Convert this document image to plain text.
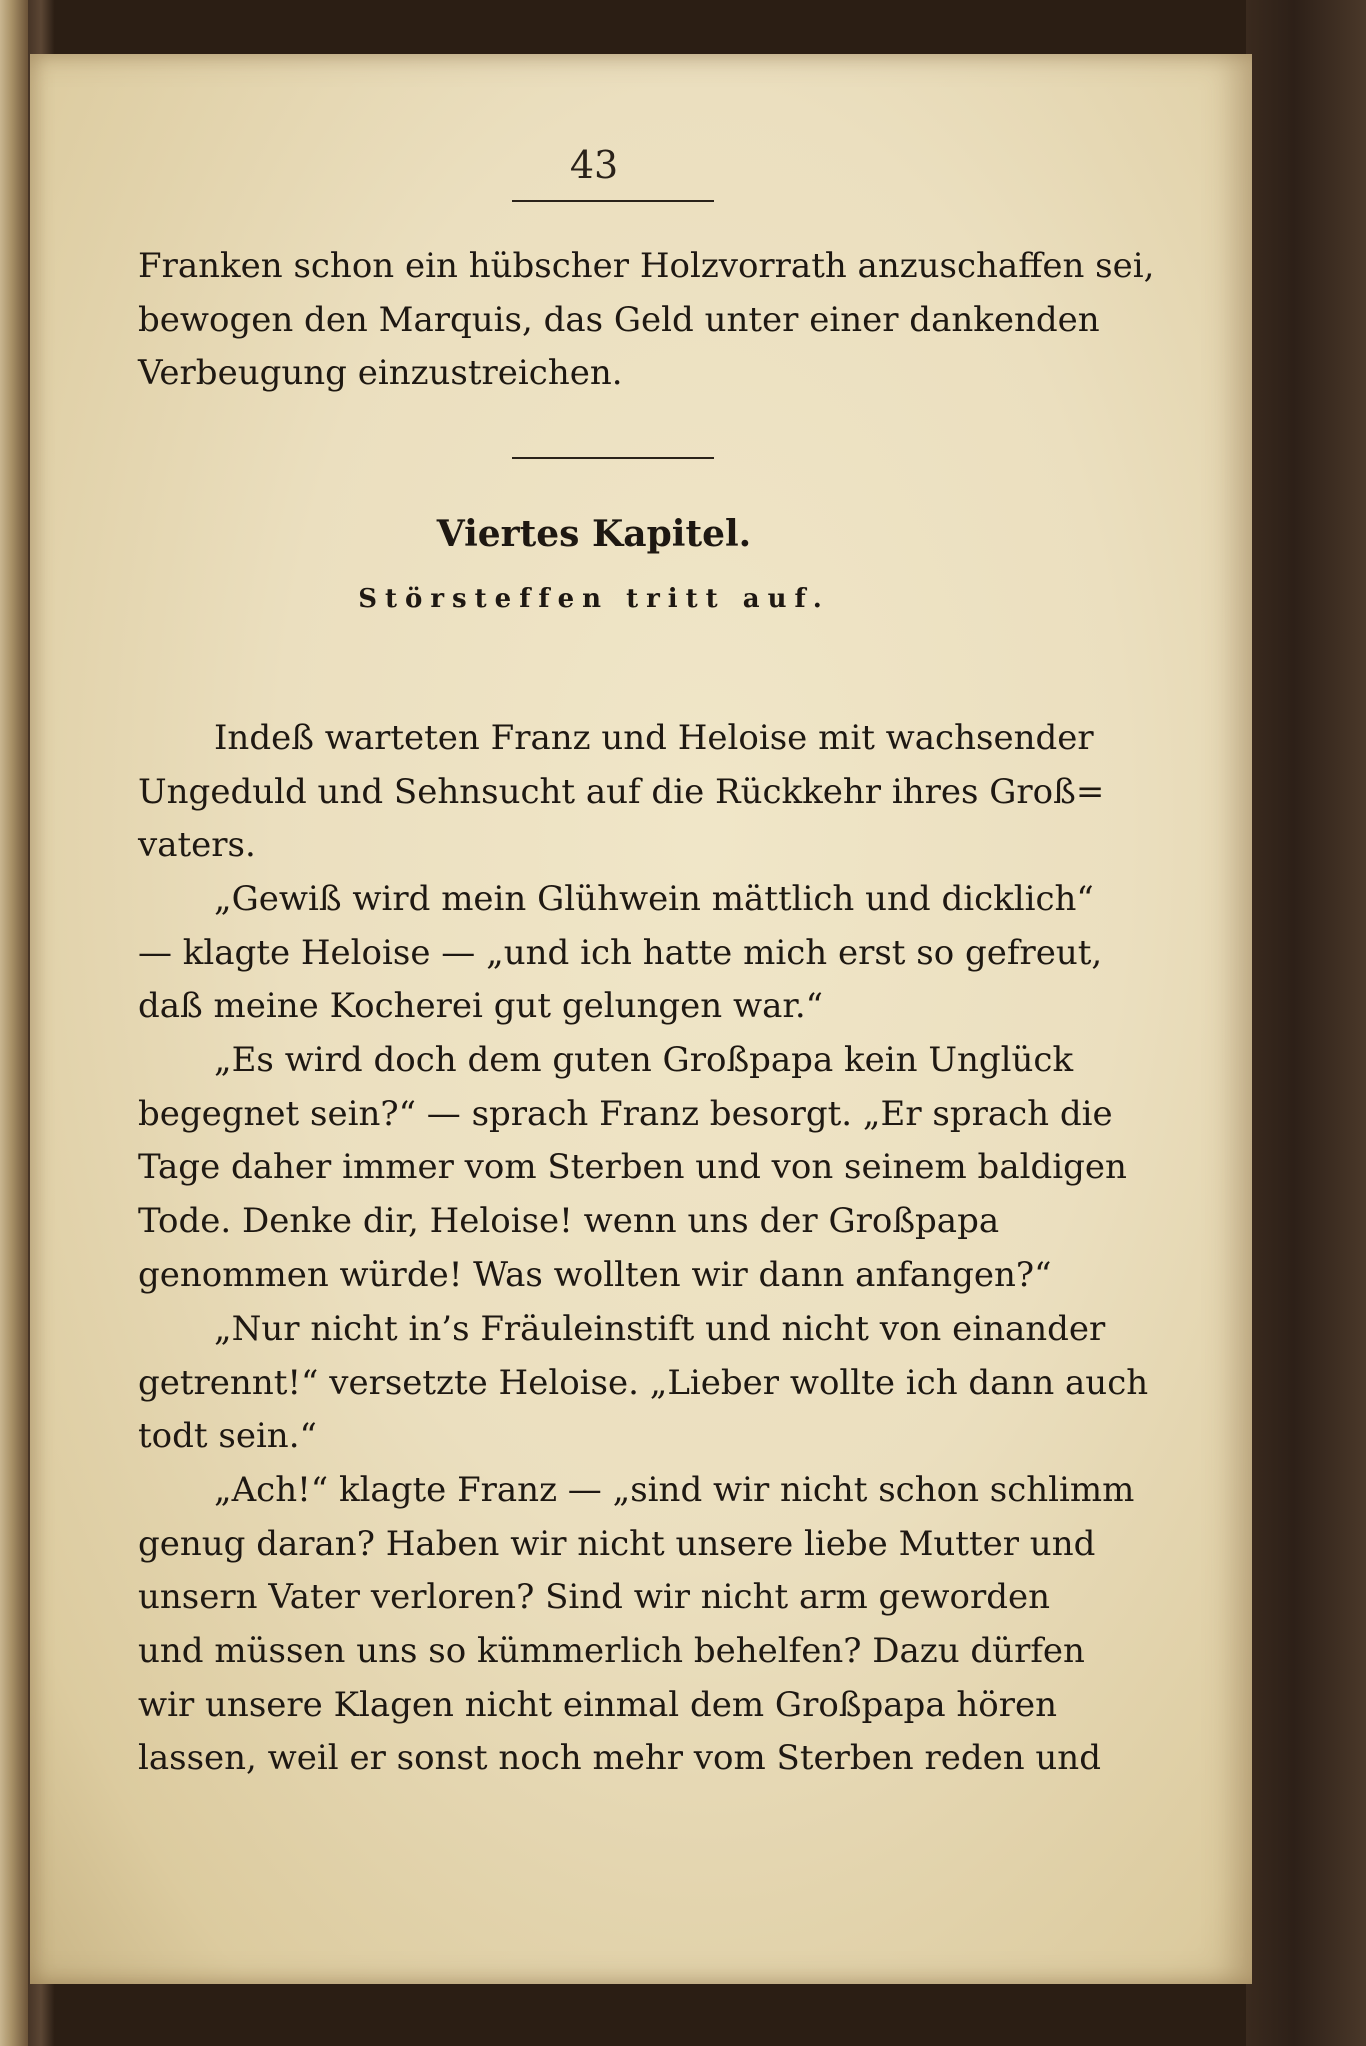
43
Franken schon ein hübscher Holzvorrath anzuschaffen sei,
bewogen den Marquis, das Geld unter einer dankenden
Verbeugung einzustreichen.
Viertes Kapitel.
Störsteffen tritt auf.
Indeß warteten Franz und Heloise mit wachsender
Ungeduld und Sehnsucht auf die Rückkehr ihres Groß=
vaters.
„Gewiß wird mein Glühwein mättlich und dicklich“
— klagte Heloise — „und ich hatte mich erst so gefreut,
daß meine Kocherei gut gelungen war.“
„Es wird doch dem guten Großpapa kein Unglück
begegnet sein?“ — sprach Franz besorgt. „Er sprach die
Tage daher immer vom Sterben und von seinem baldigen
Tode. Denke dir, Heloise! wenn uns der Großpapa
genommen würde! Was wollten wir dann anfangen?“
„Nur nicht in’s Fräuleinstift und nicht von einander
getrennt!“ versetzte Heloise. „Lieber wollte ich dann auch
todt sein.“
„Ach!“ klagte Franz — „sind wir nicht schon schlimm
genug daran? Haben wir nicht unsere liebe Mutter und
unsern Vater verloren? Sind wir nicht arm geworden
und müssen uns so kümmerlich behelfen? Dazu dürfen
wir unsere Klagen nicht einmal dem Großpapa hören
lassen, weil er sonst noch mehr vom Sterben reden und
